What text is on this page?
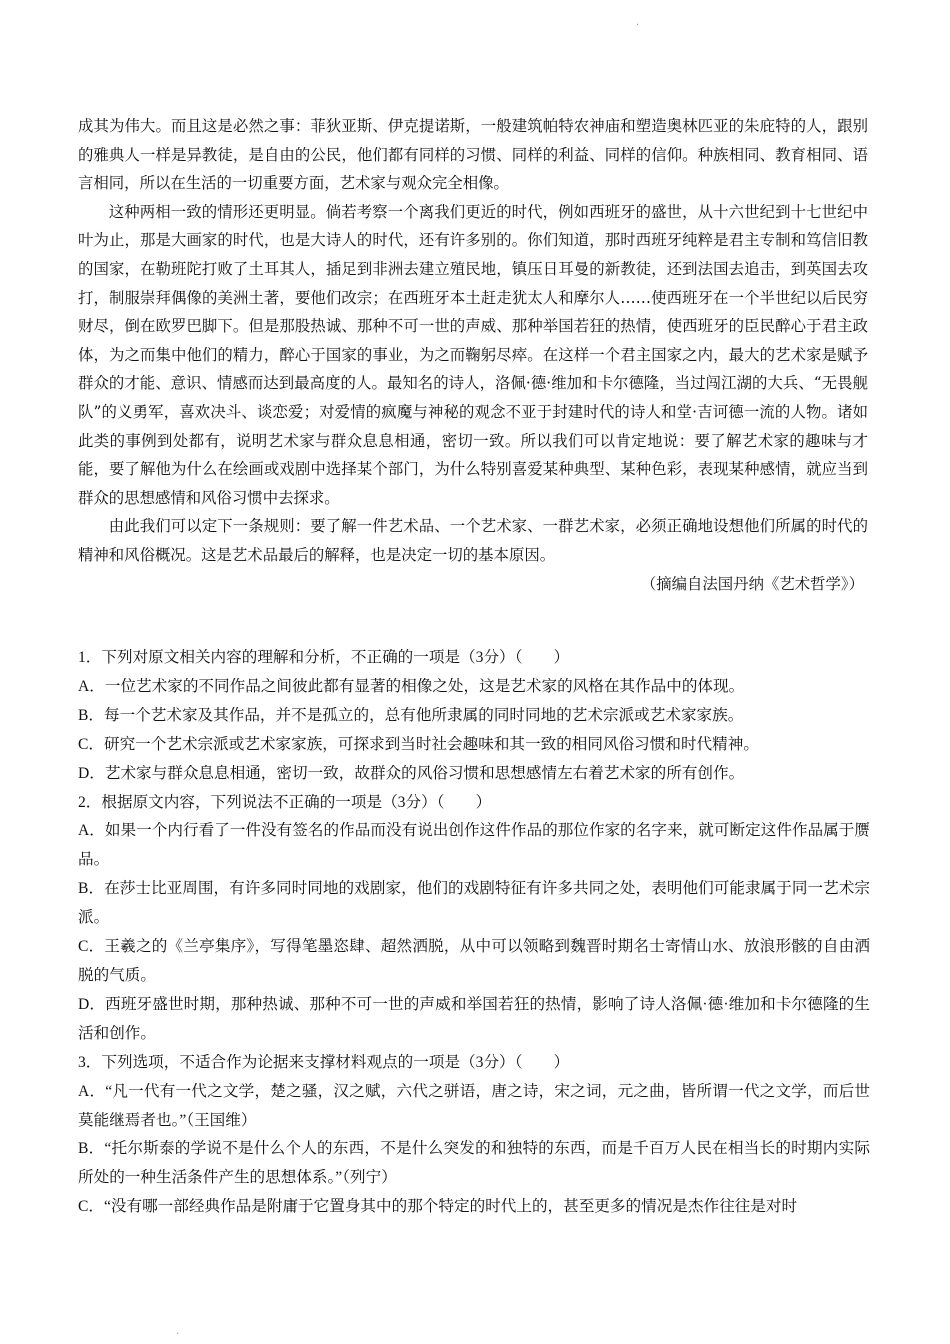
·

成其为伟大。而且这是必然之事：菲狄亚斯、伊克提诺斯，一般建筑帕特农神庙和塑造奥林匹亚的朱庇特的人，跟别的雅典人一样是异教徒，是自由的公民，他们都有同样的习惯、同样的利益、同样的信仰。种族相同、教育相同、语言相同，所以在生活的一切重要方面，艺术家与观众完全相像。

这种两相一致的情形还更明显。倘若考察一个离我们更近的时代，例如西班牙的盛世，从十六世纪到十七世纪中叶为止，那是大画家的时代，也是大诗人的时代，还有许多别的。你们知道，那时西班牙纯粹是君主专制和笃信旧教的国家，在勒班陀打败了土耳其人，插足到非洲去建立殖民地，镇压日耳曼的新教徒，还到法国去追击，到英国去攻打，制服崇拜偶像的美洲土著，要他们改宗；在西班牙本土赶走犹太人和摩尔人……使西班牙在一个半世纪以后民穷财尽，倒在欧罗巴脚下。但是那股热诚、那种不可一世的声威、那种举国若狂的热情，使西班牙的臣民醉心于君主政体，为之而集中他们的精力，醉心于国家的事业，为之而鞠躬尽瘁。在这样一个君主国家之内，最大的艺术家是赋予群众的才能、意识、情感而达到最高度的人。最知名的诗人，洛佩·德·维加和卡尔德隆，当过闯江湖的大兵、“无畏舰队”的义勇军，喜欢决斗、谈恋爱；对爱情的疯魔与神秘的观念不亚于封建时代的诗人和堂·吉诃德一流的人物。诸如此类的事例到处都有，说明艺术家与群众息息相通，密切一致。所以我们可以肯定地说：要了解艺术家的趣味与才能，要了解他为什么在绘画或戏剧中选择某个部门，为什么特别喜爱某种典型、某种色彩，表现某种感情，就应当到群众的思想感情和风俗习惯中去探求。

由此我们可以定下一条规则：要了解一件艺术品、一个艺术家、一群艺术家，必须正确地设想他们所属的时代的精神和风俗概况。这是艺术品最后的解释，也是决定一切的基本原因。

（摘编自法国丹纳《艺术哲学》）

1．下列对原文相关内容的理解和分析，不正确的一项是（3分）（　　）

A．一位艺术家的不同作品之间彼此都有显著的相像之处，这是艺术家的风格在其作品中的体现。

B．每一个艺术家及其作品，并不是孤立的，总有他所隶属的同时同地的艺术宗派或艺术家家族。

C．研究一个艺术宗派或艺术家家族，可探求到当时社会趣味和其一致的相同风俗习惯和时代精神。

D．艺术家与群众息息相通，密切一致，故群众的风俗习惯和思想感情左右着艺术家的所有创作。

2．根据原文内容，下列说法不正确的一项是（3分）（　　）

A．如果一个内行看了一件没有签名的作品而没有说出创作这件作品的那位作家的名字来，就可断定这件作品属于赝品。

B．在莎士比亚周围，有许多同时同地的戏剧家，他们的戏剧特征有许多共同之处，表明他们可能隶属于同一艺术宗派。

C．王羲之的《兰亭集序》，写得笔墨恣肆、超然洒脱，从中可以领略到魏晋时期名士寄情山水、放浪形骸的自由洒脱的气质。

D．西班牙盛世时期，那种热诚、那种不可一世的声威和举国若狂的热情，影响了诗人洛佩·德·维加和卡尔德隆的生活和创作。

3．下列选项，不适合作为论据来支撑材料观点的一项是（3分）（　　）

A．“凡一代有一代之文学，楚之骚，汉之赋，六代之骈语，唐之诗，宋之词，元之曲，皆所谓一代之文学，而后世莫能继焉者也。”（王国维）

B．“托尔斯泰的学说不是什么个人的东西，不是什么突发的和独特的东西，而是千百万人民在相当长的时期内实际所处的一种生活条件产生的思想体系。”（列宁）

C．“没有哪一部经典作品是附庸于它置身其中的那个特定的时代上的，甚至更多的情况是杰作往往是对时

.
